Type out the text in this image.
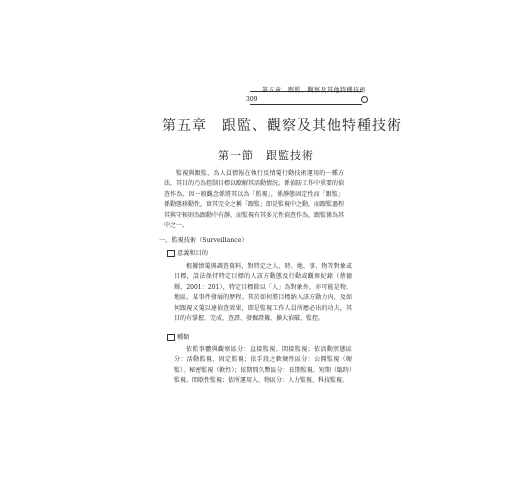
第五章　跟監、觀察及其他特種技術
309
第五章　跟監、觀察及其他特種技術
第一節　跟監技術
監視與跟監，為人員情報在執行反情蒐行動技術運用的一種方法，其目的乃為控制目標以瞭解其活動情況。係偵防工作中重要的偵查作為，因一般觀念係將其以為「監視」，係靜態固定性而「跟監」係動態移動性，實其完全之稱「跟監」即是監視中之動，而跟監過程其與守候則為跟動中有靜，而監視有其多元性偵查作為，跟監僅為其中之一。
一、監視技術（Surveillance）
意義和目的
根據情蒐與調查資料，對特定之人、時、地、事、物等對象或目標，設法保持特定目標的人該方動態及行動或觀察紀錄（蔡德輝，2001：201），特定目標除以「人」為對象外，亦可能是物、地區、某事件發展的歷程。其於如何將目標納入該方動力內，及如何跟視又蒐以達偵查效果，即是監視工作人員所應必出的功夫，其目的有掌握、完成、查證、發掘證據、擴大偵破、監控。
種類
依監事體與觀察區分：直接監視、間接監視；依活動狀態區分：活動監視、固定監視；依手段之軟硬性區分：公開監視（硬監）、秘密監視（軟性）；依期間久暫區分：長期監視、短期（臨時）監視、間歇性監視；依所運用人、物區分：人力監視、科技監視。
